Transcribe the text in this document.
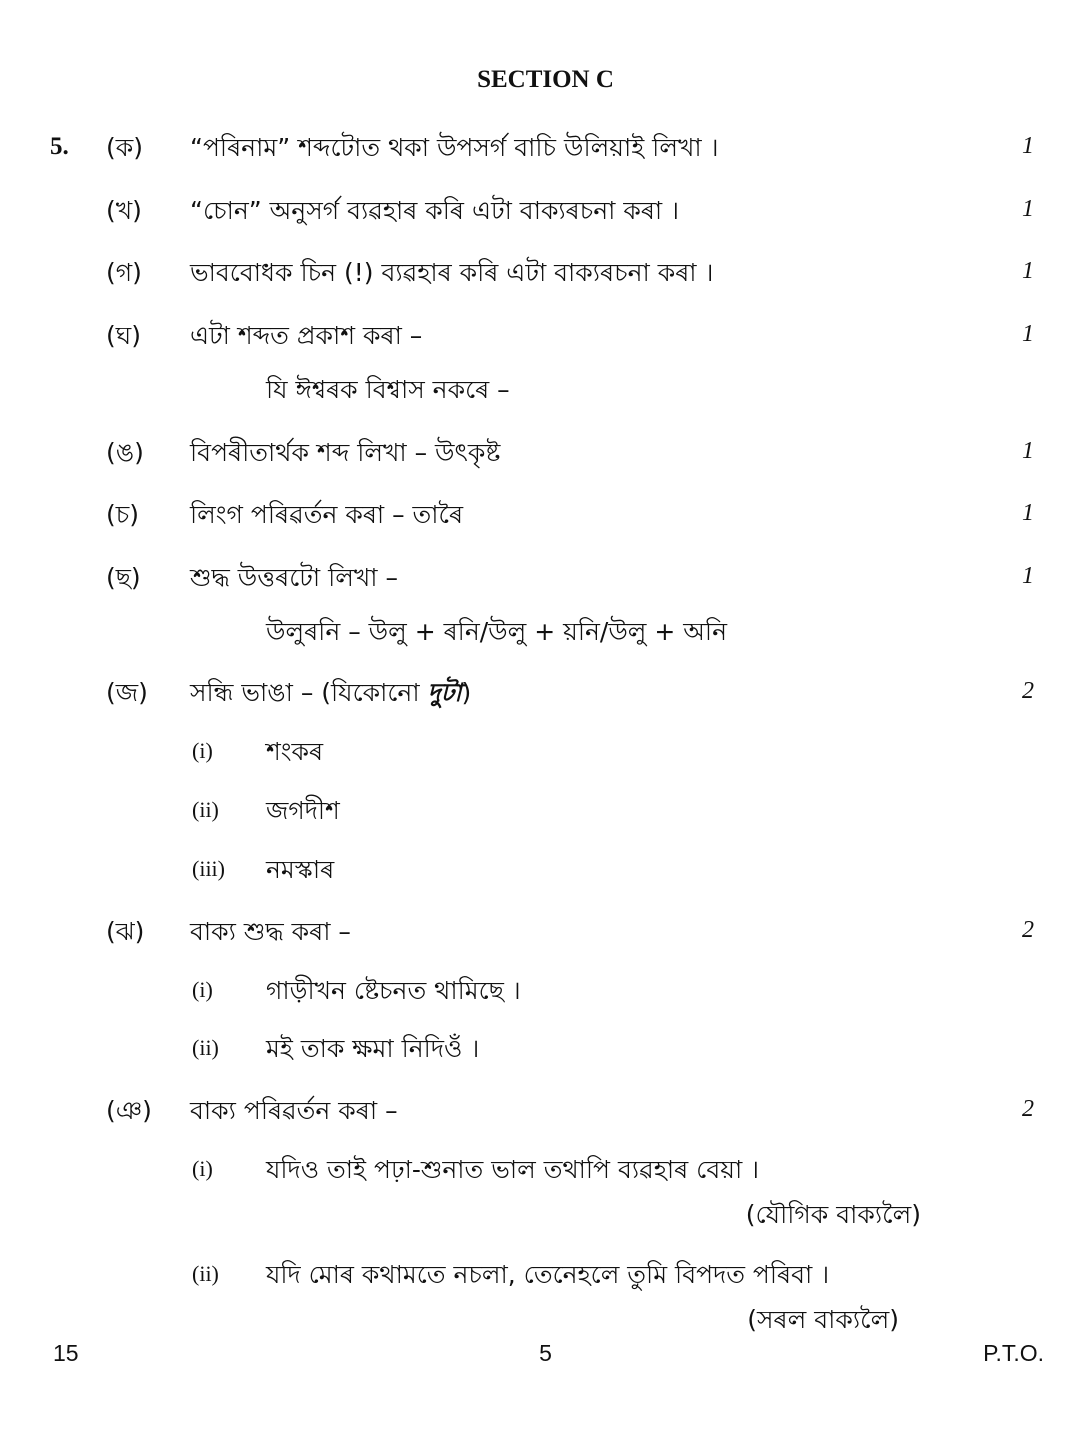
SECTION C
5. (ক) “পৰিনাম” শব্দটোত থকা উপসৰ্গ বাচি উলিয়াই লিখা ।	1
(খ) “চোন” অনুসৰ্গ ব্যৱহাৰ কৰি এটা বাক্যৰচনা কৰা ।	1
(গ) ভাববোধক চিন (!) ব্যৱহাৰ কৰি এটা বাক্যৰচনা কৰা ।	1
(ঘ) এটা শব্দত প্ৰকাশ কৰা –	1
যি ঈশ্বৰক বিশ্বাস নকৰে –
(ঙ) বিপৰীতাৰ্থক শব্দ লিখা – উৎকৃষ্ট	1
(চ) লিংগ পৰিৱৰ্তন কৰা – তাৰৈ	1
(ছ) শুদ্ধ উত্তৰটো লিখা –	1
উলুৰনি – উলু + ৰনি/উলু + য়নি/উলু + অনি
(জ) সন্ধি ভাঙা – (যিকোনো দুটা)	2
(i) শংকৰ
(ii) জগদীশ
(iii) নমস্কাৰ
(ঝ) বাক্য শুদ্ধ কৰা –	2
(i) গাড়ীখন ষ্টেচনত থামিছে ।
(ii) মই তাক ক্ষমা নিদিওঁ ।
(ঞ) বাক্য পৰিৱৰ্তন কৰা –	2
(i) যদিও তাই পঢ়া-শুনাত ভাল তথাপি ব্যৱহাৰ বেয়া ।
(যৌগিক বাক্যলৈ)
(ii) যদি মোৰ কথামতে নচলা, তেনেহলে তুমি বিপদত পৰিবা ।
(সৰল বাক্যলৈ)
15	5	P.T.O.
